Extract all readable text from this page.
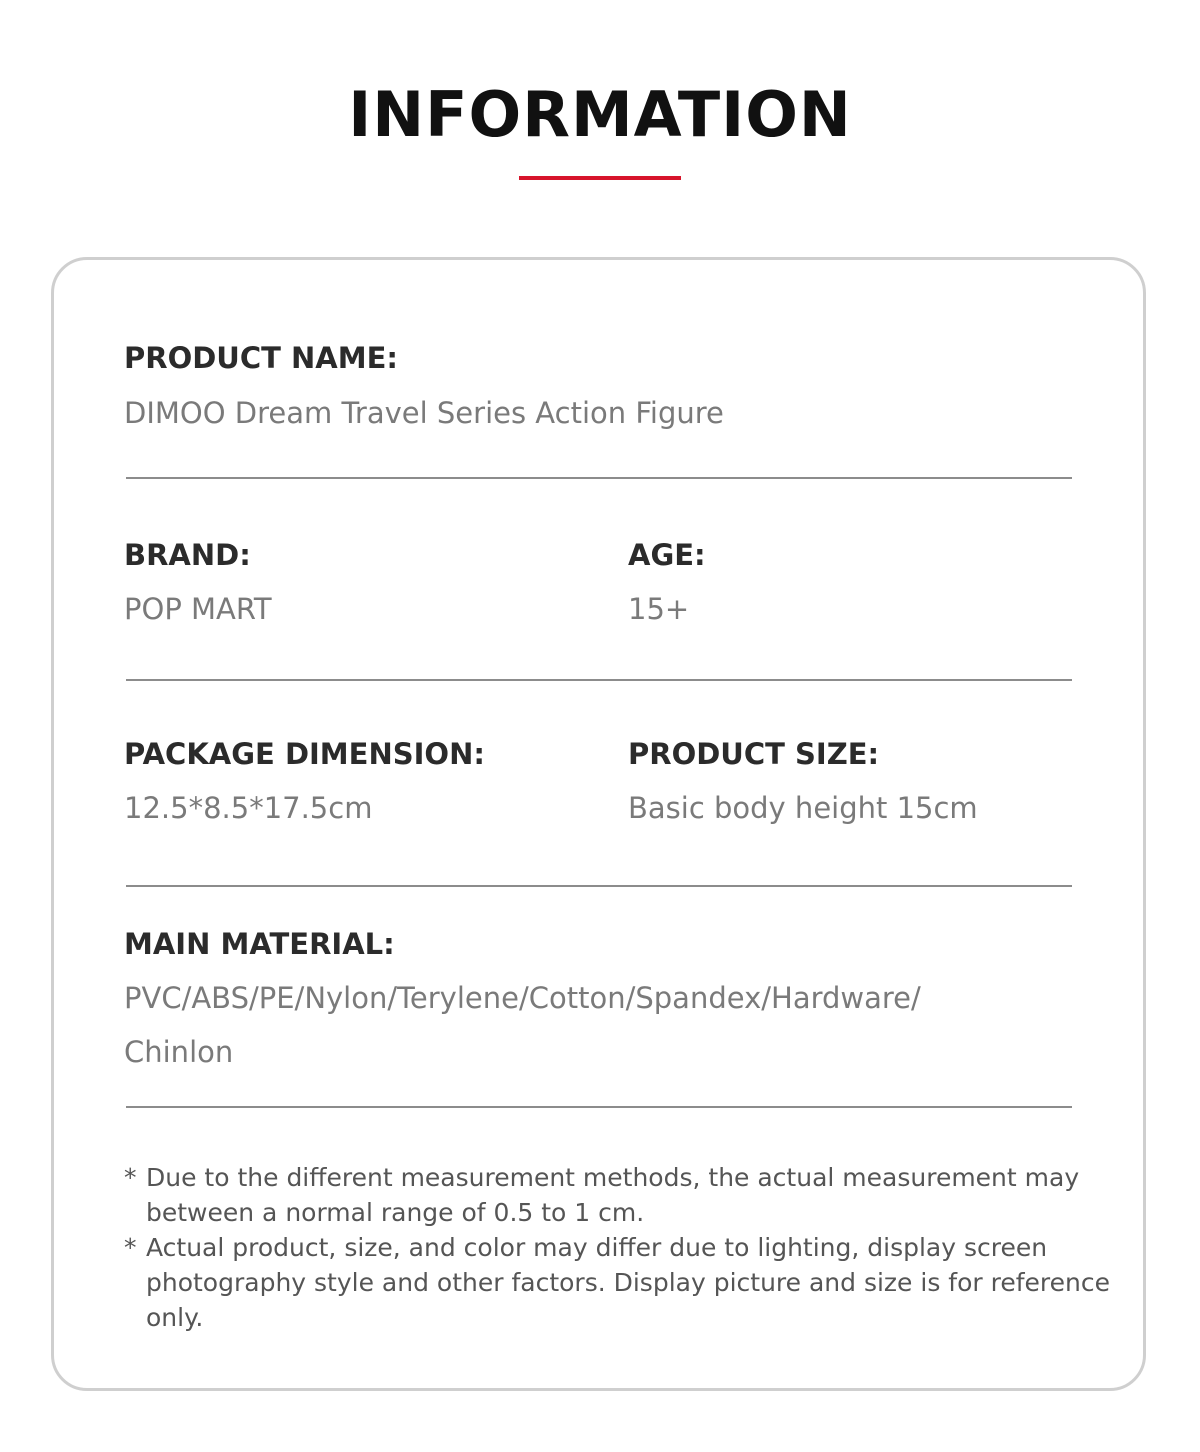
INFORMATION
PRODUCT NAME:
DIMOO Dream Travel Series Action Figure
BRAND:
POP MART
AGE:
15+
PACKAGE DIMENSION:
12.5*8.5*17.5cm
PRODUCT SIZE:
Basic body height 15cm
MAIN MATERIAL:
PVC/ABS/PE/Nylon/Terylene/Cotton/Spandex/Hardware/ Chinlon
* Due to the different measurement methods, the actual measurement may between a normal range of 0.5 to 1 cm.
* Actual product, size, and color may differ due to lighting, display screen photography style and other factors. Display picture and size is for reference only.
